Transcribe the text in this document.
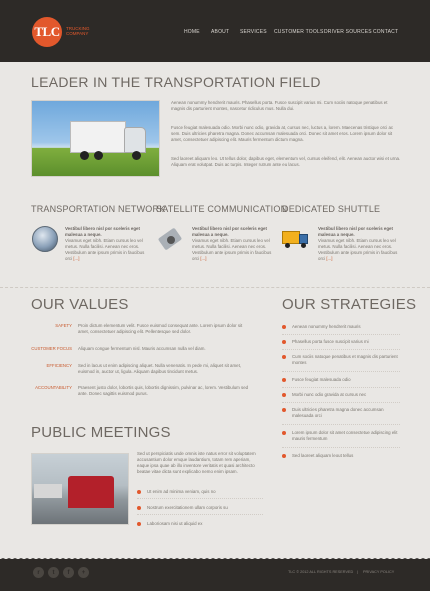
TLC TRUCKING COMPANY	HOME ABOUT SERVICES CUSTOMER TOOLS DRIVER SOURCES CONTACT
LEADER IN THE TRANSPORTATION FIELD
Aenean nonummy hendrerit mauris. Phasellus porta. Fusce suscipit varius mi. Cum sociis natoque penatibus et magnis dis parturient montes, nascetur ridiculus mus. Nulla dui.
Fusce feugiat malesuada odio. Morbi nunc odio, gravida at, cursus nec, luctus a, lorem. Maecenas tristique orci ac sem. Duis ultricies pharetra magna. Donec accumsan malesuada orci. Donec sit amet eros. Lorem ipsum dolor sit amet, consectetuer adipiscing elit. Mauris fermentum dictum magna.
Sed laoreet aliquam leo. Ut tellus dolor, dapibus eget, elementum vel, cursus eleifend, elit. Aenean auctor wisi et urna. Aliquam erat volutpat. Duis ac turpis. Integer rutrum ante eu lacus.
TRANSPORTATION NETWORK
SATELLITE COMMUNICATION
DEDICATED SHUTTLE
Vestibul libero nisl por sceleris eget malesua a neque.
Vivamus eget nibh. Etiam cursus leo vel metus. Nulla facilisi. Aenean nec eros. Vestibulum ante ipsum primis in faucibus orci [...]
Vestibul libero nisl por sceleris eget malesua a neque.
Vivamus eget nibh. Etiam cursus leo vel metus. Nulla facilisi. Aenean nec eros. Vestibulum ante ipsum primis in faucibus orci [...]
Vestibul libero nisl por sceleris eget malesua a neque.
Vivamus eget nibh. Etiam cursus leo vel metus. Nulla facilisi. Aenean nec eros. Vestibulum ante ipsum primis in faucibus orci [...]
OUR VALUES
SAFETY Proin dictum elementum velit. Fusce euismod consequat ante. Lorem ipsum dolor sit amet, consectetuer adipiscing elit. Pellentesque sed dolor.
CUSTOMER FOCUS Aliquam congue fermentum nisl. Mauris accumsan nulla vel diam.
EFFICIENCY Sed in lacus ut enim adipiscing aliquet. Nulla venenatis. In pede mi, aliquet sit amet, euismod in, auctor ut, ligula. Aliquam dapibus tincidunt metus.
ACCOUNTABILITY Praesent justo dolor, lobortis quis, lobortis dignissim, pulvinar ac, lorem. Vestibulum sed ante. Donec sagittis euismod purus.
OUR STRATEGIES
Aenean nonummy hendrerit mauris
Phasellus porta fusce suscipit varius mi
Cum sociis natoque penatibus et magnis dis parturient montes
Fusce feugiat malesuada odio
Morbi nunc odio gravida at cursus nec
Duis ultricies pharetra magna donec accumsan malesuada orci
Lorem ipsum dolor sit amet consectetue adipiscing elit mauris fermentum
Sed laoreet aliquam leout tellus
PUBLIC MEETINGS
Sed ut perspiciatis unde omnis iste natus error sit voluptatem accusantium dolor emque laudantium, totam rem aperiam, eaque ipsa quae ab illo inventore veritatis et quasi architecto beatae vitae dicta sunt explicabo nemo enim ipsam.
Ut enim ad minima veniam, quis no
Nostrum exercitationem ullam corporis su
Laboriosam nisi ut aliquid ex
r	t	f	+	TLC © 2012 ALL RIGHTS RESERVED | PRIVACY POLICY
